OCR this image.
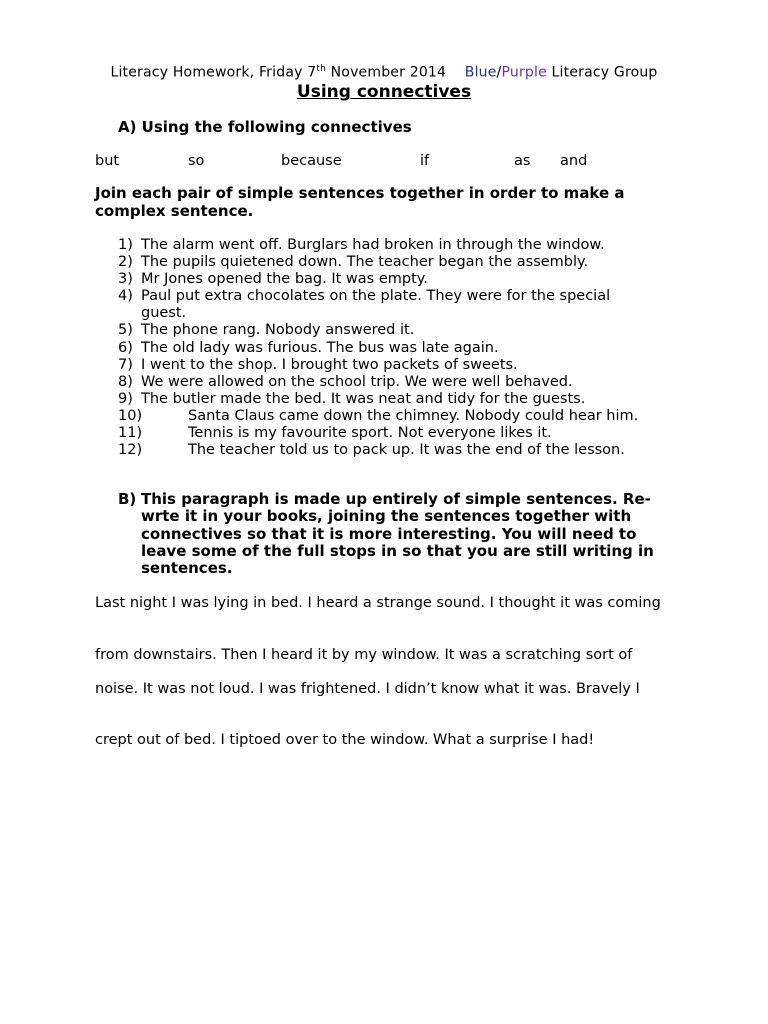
Literacy Homework, Friday 7th November 2014 Blue/Purple Literacy Group
Using connectives
A) Using the following connectives
but	so	because	if	as and
Join each pair of simple sentences together in order to make a complex sentence.
1) The alarm went off. Burglars had broken in through the window.
2) The pupils quietened down. The teacher began the assembly.
3) Mr Jones opened the bag. It was empty.
4) Paul put extra chocolates on the plate. They were for the special guest.
5) The phone rang. Nobody answered it.
6) The old lady was furious. The bus was late again.
7) I went to the shop. I brought two packets of sweets.
8) We were allowed on the school trip. We were well behaved.
9) The butler made the bed. It was neat and tidy for the guests.
10)	Santa Claus came down the chimney. Nobody could hear him.
11)	Tennis is my favourite sport. Not everyone likes it.
12)	The teacher told us to pack up. It was the end of the lesson.
B) This paragraph is made up entirely of simple sentences. Re-wrte it in your books, joining the sentences together with connectives so that it is more interesting. You will need to leave some of the full stops in so that you are still writing in sentences.
Last night I was lying in bed. I heard a strange sound. I thought it was coming
from downstairs. Then I heard it by my window. It was a scratching sort of
noise. It was not loud. I was frightened. I didn’t know what it was. Bravely I
crept out of bed. I tiptoed over to the window. What a surprise I had!
